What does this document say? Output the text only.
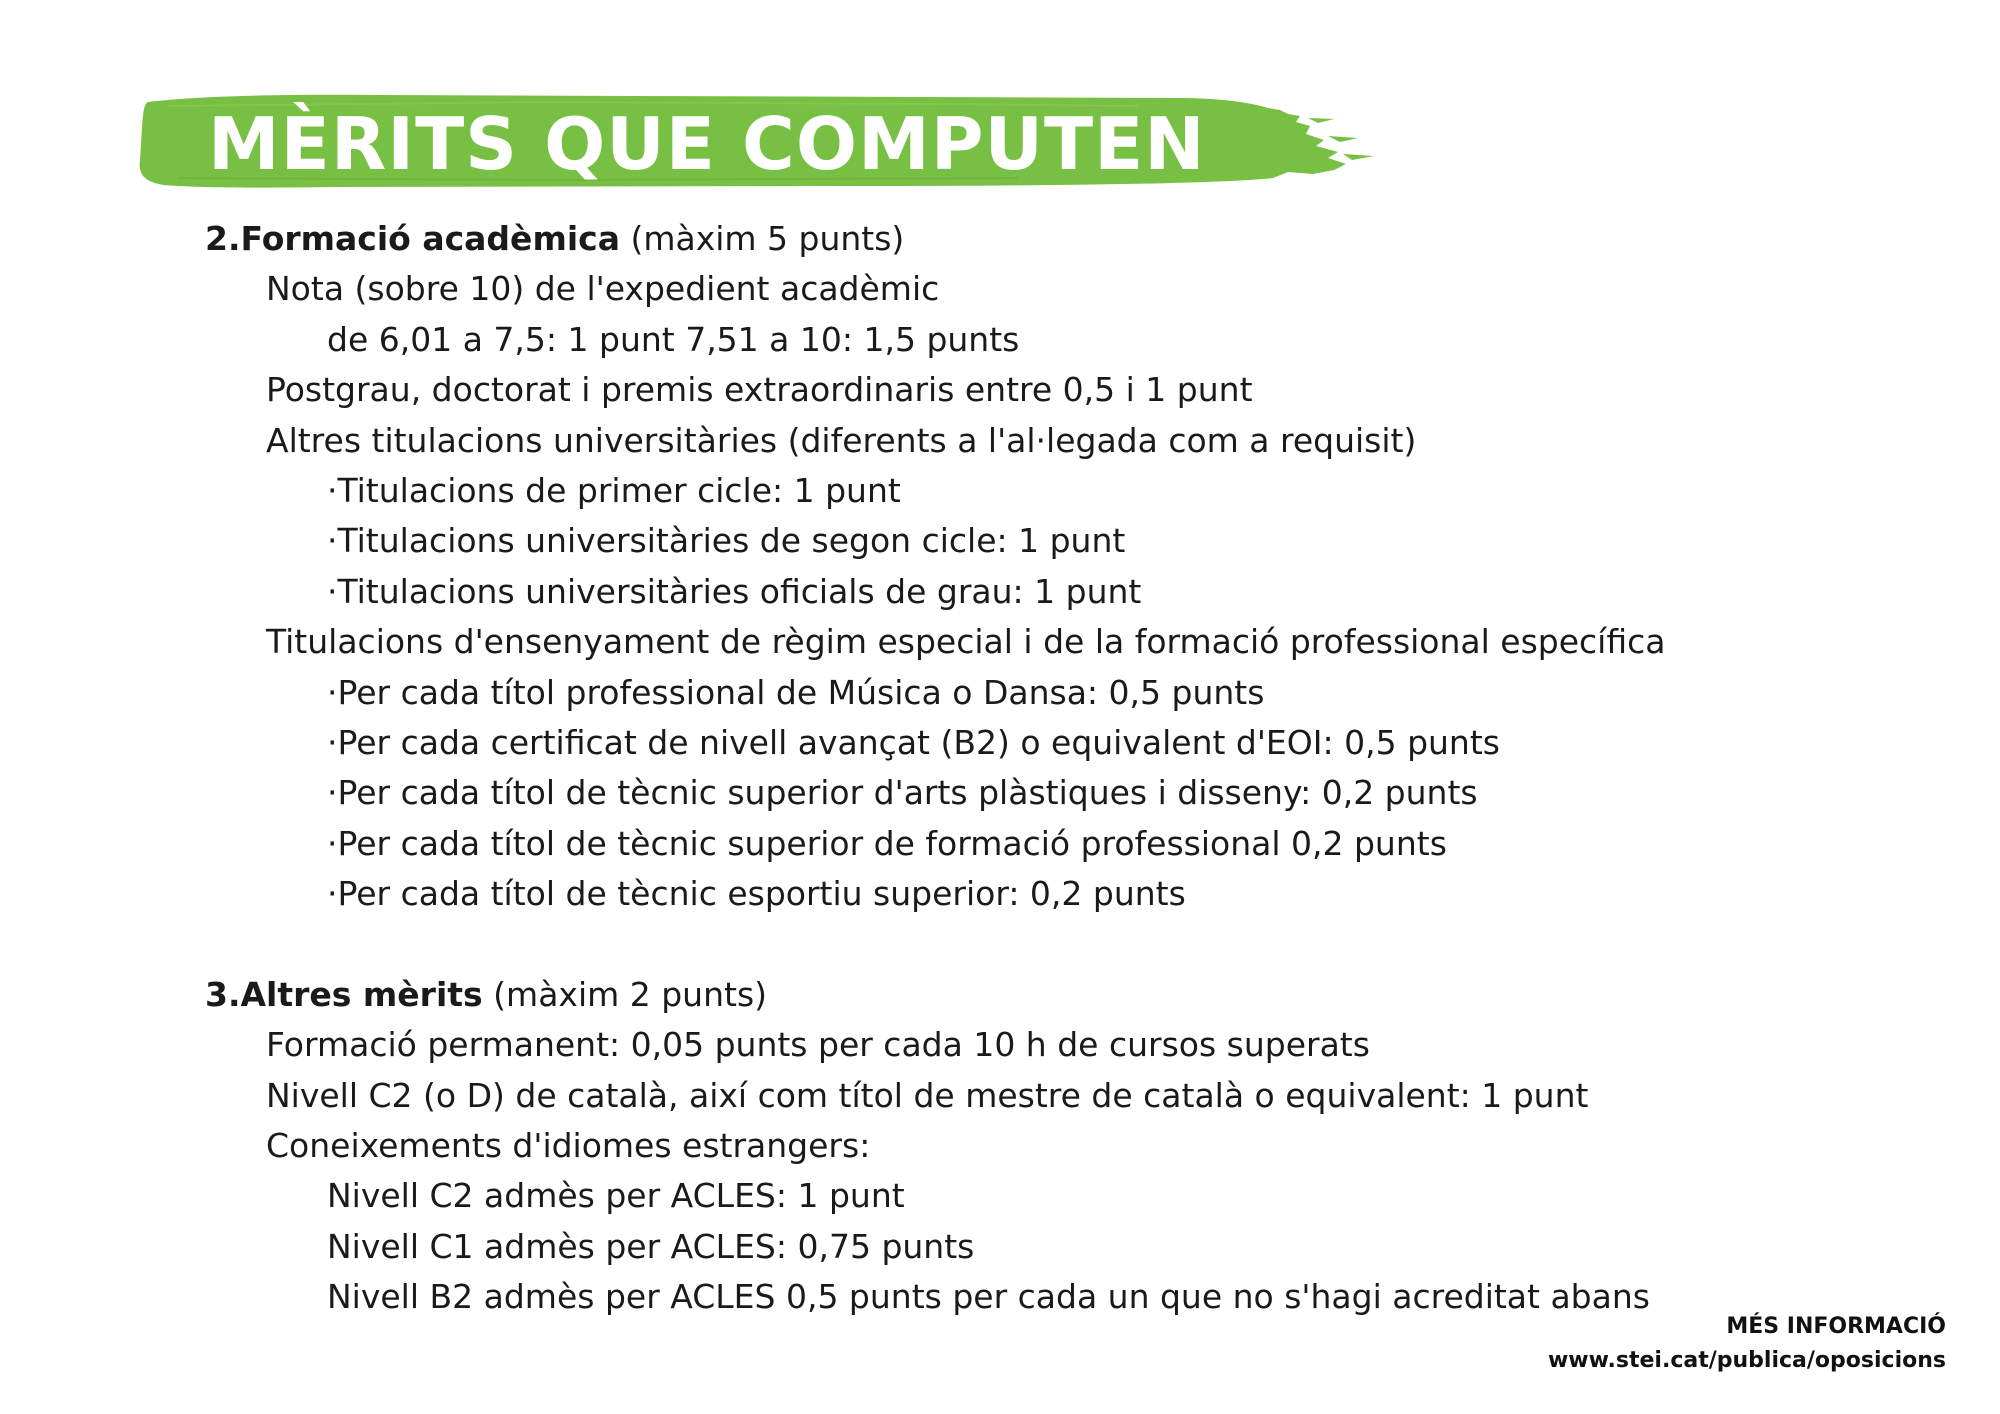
MÈRITS QUE COMPUTEN
2.Formació acadèmica (màxim 5 punts)
Nota (sobre 10) de l'expedient acadèmic
de 6,01 a 7,5: 1 punt 7,51 a 10: 1,5 punts
Postgrau, doctorat i premis extraordinaris entre 0,5 i 1 punt
Altres titulacions universitàries (diferents a l'al·legada com a requisit)
·Titulacions de primer cicle: 1 punt
·Titulacions universitàries de segon cicle: 1 punt
·Titulacions universitàries oficials de grau: 1 punt
Titulacions d'ensenyament de règim especial i de la formació professional específica
·Per cada títol professional de Música o Dansa: 0,5 punts
·Per cada certificat de nivell avançat (B2) o equivalent d'EOI: 0,5 punts
·Per cada títol de tècnic superior d'arts plàstiques i disseny: 0,2 punts
·Per cada títol de tècnic superior de formació professional 0,2 punts
·Per cada títol de tècnic esportiu superior: 0,2 punts
3.Altres mèrits (màxim 2 punts)
Formació permanent: 0,05 punts per cada 10 h de cursos superats
Nivell C2 (o D) de català, així com títol de mestre de català o equivalent: 1 punt
Coneixements d'idiomes estrangers:
Nivell C2 admès per ACLES: 1 punt
Nivell C1 admès per ACLES: 0,75 punts
Nivell B2 admès per ACLES 0,5 punts per cada un que no s'hagi acreditat abans
MÉS INFORMACIÓ
www.stei.cat/publica/oposicions
